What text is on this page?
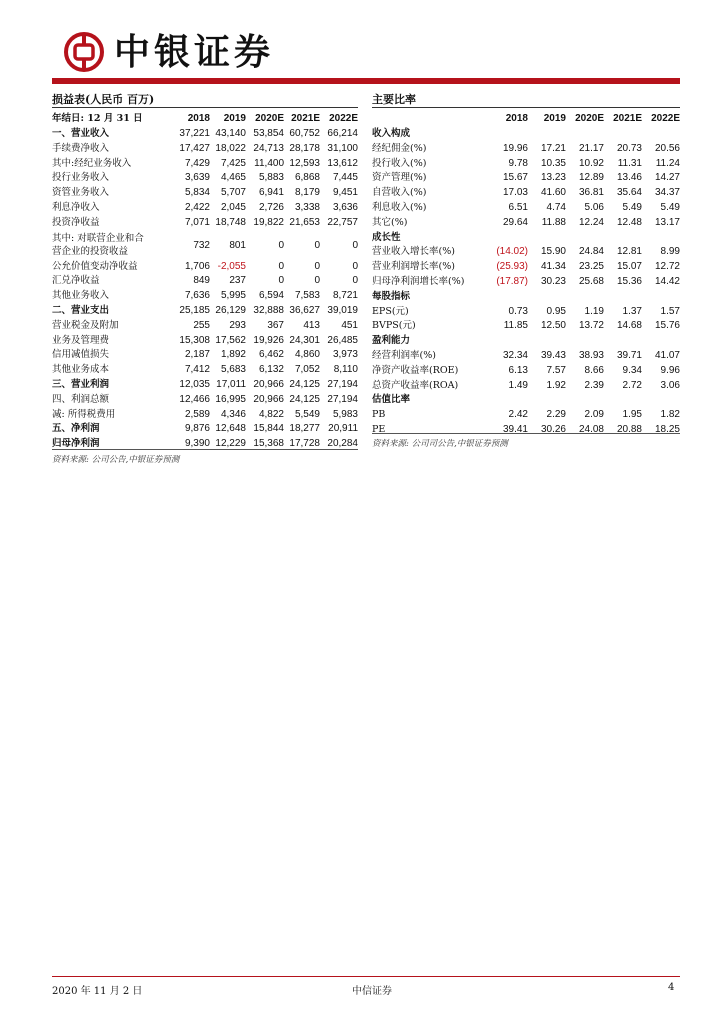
中银证券
损益表(人民币 百万)
年结日: 12 月 31 日	2018	2019	2020E	2021E	2022E
一、营业收入	37,221	43,140	53,854	60,752	66,214
手续费净收入	17,427	18,022	24,713	28,178	31,100
其中:经纪业务收入	7,429	7,425	11,400	12,593	13,612
投行业务收入	3,639	4,465	5,883	6,868	7,445
资管业务收入	5,834	5,707	6,941	8,179	9,451
利息净收入	2,422	2,045	2,726	3,338	3,636
投资净收益	7,071	18,748	19,822	21,653	22,757
其中: 对联营企业和合
营企业的投资收益	732	801	0	0	0
公允价值变动净收益	1,706	-2,055	0	0	0
汇兑净收益	849	237	0	0	0
其他业务收入	7,636	5,995	6,594	7,583	8,721
二、营业支出	25,185	26,129	32,888	36,627	39,019
营业税金及附加	255	293	367	413	451
业务及管理费	15,308	17,562	19,926	24,301	26,485
信用减值损失	2,187	1,892	6,462	4,860	3,973
其他业务成本	7,412	5,683	6,132	7,052	8,110
三、营业利润	12,035	17,011	20,966	24,125	27,194
四、利润总额	12,466	16,995	20,966	24,125	27,194
减: 所得税费用	2,589	4,346	4,822	5,549	5,983
五、净利润	9,876	12,648	15,844	18,277	20,911
归母净利润	9,390	12,229	15,368	17,728	20,284
资料来源: 公司公告,中银证券预测
主要比率
	2018	2019	2020E	2021E	2022E
收入构成					
经纪佣金(%)	19.96	17.21	21.17	20.73	20.56
投行收入(%)	9.78	10.35	10.92	11.31	11.24
资产管理(%)	15.67	13.23	12.89	13.46	14.27
自营收入(%)	17.03	41.60	36.81	35.64	34.37
利息收入(%)	6.51	4.74	5.06	5.49	5.49
其它(%)	29.64	11.88	12.24	12.48	13.17
成长性					
营业收入增长率(%)	(14.02)	15.90	24.84	12.81	8.99
营业利润增长率(%)	(25.93)	41.34	23.25	15.07	12.72
归母净利润增长率(%)	(17.87)	30.23	25.68	15.36	14.42
每股指标					
EPS(元)	0.73	0.95	1.19	1.37	1.57
BVPS(元)	11.85	12.50	13.72	14.68	15.76
盈利能力					
经营利润率(%)	32.34	39.43	38.93	39.71	41.07
净资产收益率(ROE)	6.13	7.57	8.66	9.34	9.96
总资产收益率(ROA)	1.49	1.92	2.39	2.72	3.06
估值比率					
PB	2.42	2.29	2.09	1.95	1.82
PE	39.41	30.26	24.08	20.88	18.25
资料来源: 公司司公告,中银证券预测
2020 年 11 月 2 日	中信证券	4
